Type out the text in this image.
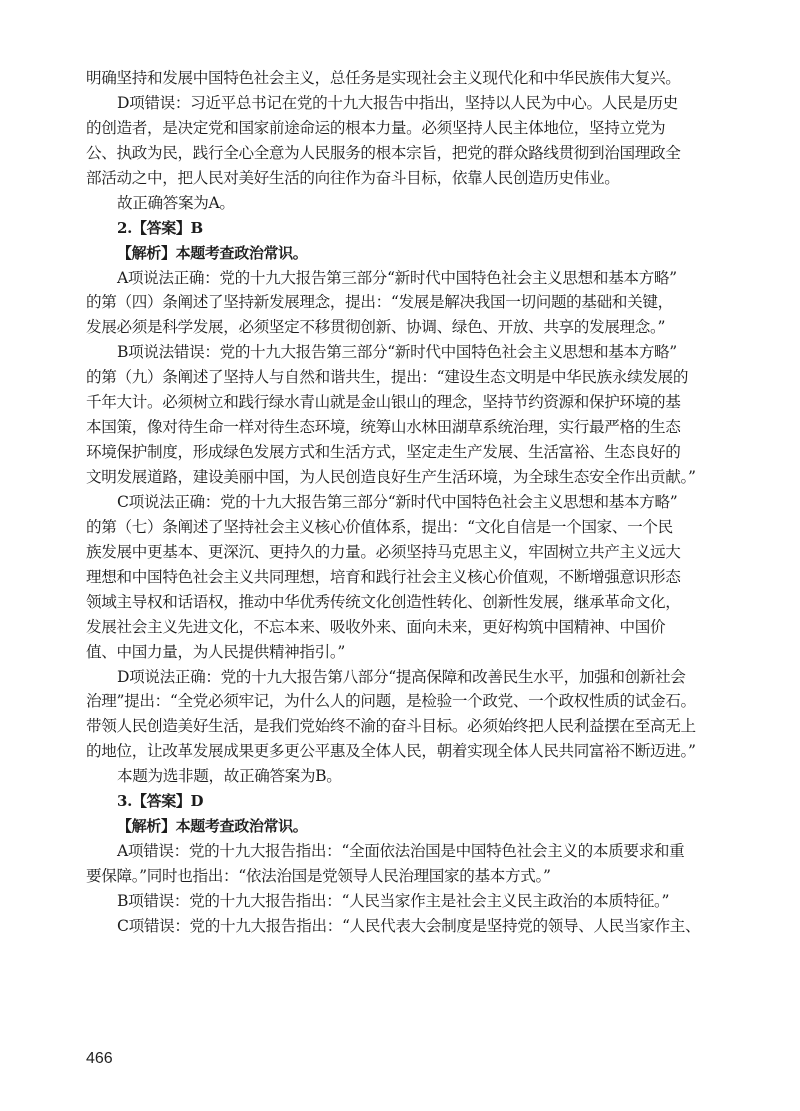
明确坚持和发展中国特色社会主义，总任务是实现社会主义现代化和中华民族伟大复兴。
D项错误：习近平总书记在党的十九大报告中指出，坚持以人民为中心。人民是历史
的创造者，是决定党和国家前途命运的根本力量。必须坚持人民主体地位，坚持立党为
公、执政为民，践行全心全意为人民服务的根本宗旨，把党的群众路线贯彻到治国理政全
部活动之中，把人民对美好生活的向往作为奋斗目标，依靠人民创造历史伟业。
故正确答案为A。
2.【答案】B
【解析】本题考查政治常识。
A项说法正确：党的十九大报告第三部分“新时代中国特色社会主义思想和基本方略”
的第（四）条阐述了坚持新发展理念，提出：“发展是解决我国一切问题的基础和关键，
发展必须是科学发展，必须坚定不移贯彻创新、协调、绿色、开放、共享的发展理念。”
B项说法错误：党的十九大报告第三部分“新时代中国特色社会主义思想和基本方略”
的第（九）条阐述了坚持人与自然和谐共生，提出：“建设生态文明是中华民族永续发展的
千年大计。必须树立和践行绿水青山就是金山银山的理念，坚持节约资源和保护环境的基
本国策，像对待生命一样对待生态环境，统筹山水林田湖草系统治理，实行最严格的生态
环境保护制度，形成绿色发展方式和生活方式，坚定走生产发展、生活富裕、生态良好的
文明发展道路，建设美丽中国，为人民创造良好生产生活环境，为全球生态安全作出贡献。”
C项说法正确：党的十九大报告第三部分“新时代中国特色社会主义思想和基本方略”
的第（七）条阐述了坚持社会主义核心价值体系，提出：“文化自信是一个国家、一个民
族发展中更基本、更深沉、更持久的力量。必须坚持马克思主义，牢固树立共产主义远大
理想和中国特色社会主义共同理想，培育和践行社会主义核心价值观，不断增强意识形态
领域主导权和话语权，推动中华优秀传统文化创造性转化、创新性发展，继承革命文化，
发展社会主义先进文化，不忘本来、吸收外来、面向未来，更好构筑中国精神、中国价
值、中国力量，为人民提供精神指引。”
D项说法正确：党的十九大报告第八部分“提高保障和改善民生水平，加强和创新社会
治理”提出：“全党必须牢记，为什么人的问题，是检验一个政党、一个政权性质的试金石。
带领人民创造美好生活，是我们党始终不渝的奋斗目标。必须始终把人民利益摆在至高无上
的地位，让改革发展成果更多更公平惠及全体人民，朝着实现全体人民共同富裕不断迈进。”
本题为选非题，故正确答案为B。
3.【答案】D
【解析】本题考查政治常识。
A项错误：党的十九大报告指出：“全面依法治国是中国特色社会主义的本质要求和重
要保障。”同时也指出：“依法治国是党领导人民治理国家的基本方式。”
B项错误：党的十九大报告指出：“人民当家作主是社会主义民主政治的本质特征。”
C项错误：党的十九大报告指出：“人民代表大会制度是坚持党的领导、人民当家作主、
466
